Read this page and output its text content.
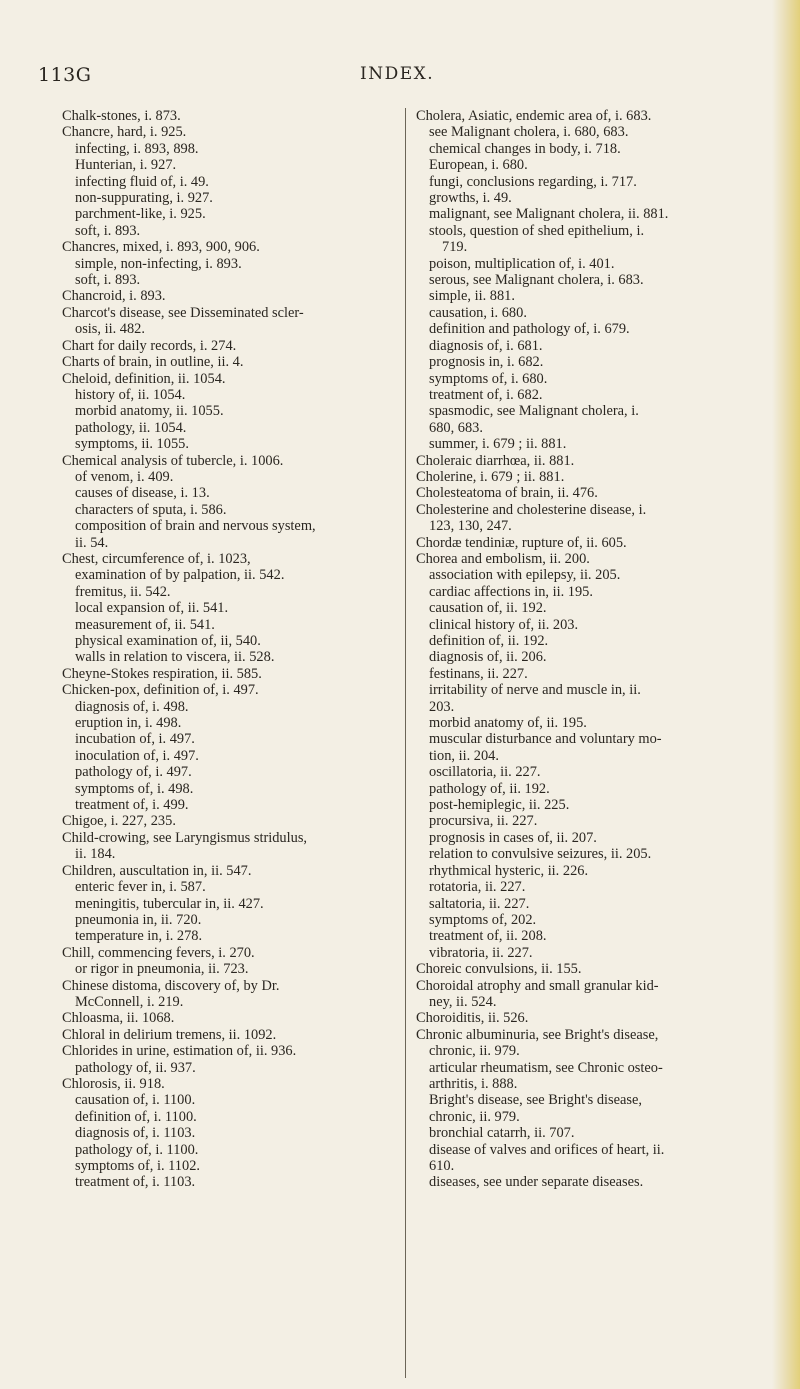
113G	INDEX.

Chalk-stones, i. 873.

Chancre, hard, i. 925.

infecting, i. 893, 898.

Hunterian, i. 927.

infecting fluid of, i. 49.

non-suppurating, i. 927.

parchment-like, i. 925.

soft, i. 893.

Chancres, mixed, i. 893, 900, 906.

simple, non-infecting, i. 893.

soft, i. 893.

Chancroid, i. 893.

Charcot's disease, see Disseminated scler-

osis, ii. 482.

Chart for daily records, i. 274.

Charts of brain, in outline, ii. 4.

Cheloid, definition, ii. 1054.

history of, ii. 1054.

morbid anatomy, ii. 1055.

pathology, ii. 1054.

symptoms, ii. 1055.

Chemical analysis of tubercle, i. 1006.

of venom, i. 409.

causes of disease, i. 13.

characters of sputa, i. 586.

composition of brain and nervous system,

ii. 54.

Chest, circumference of, i. 1023,

examination of by palpation, ii. 542.

fremitus, ii. 542.

local expansion of, ii. 541.

measurement of, ii. 541.

physical examination of, ii, 540.

walls in relation to viscera, ii. 528.

Cheyne-Stokes respiration, ii. 585.

Chicken-pox, definition of, i. 497.

diagnosis of, i. 498.

eruption in, i. 498.

incubation of, i. 497.

inoculation of, i. 497.

pathology of, i. 497.

symptoms of, i. 498.

treatment of, i. 499.

Chigoe, i. 227, 235.

Child-crowing, see Laryngismus stridulus,

ii. 184.

Children, auscultation in, ii. 547.

enteric fever in, i. 587.

meningitis, tubercular in, ii. 427.

pneumonia in, ii. 720.

temperature in, i. 278.

Chill, commencing fevers, i. 270.

or rigor in pneumonia, ii. 723.

Chinese distoma, discovery of, by Dr.

McConnell, i. 219.

Chloasma, ii. 1068.

Chloral in delirium tremens, ii. 1092.

Chlorides in urine, estimation of, ii. 936.

pathology of, ii. 937.

Chlorosis, ii. 918.

causation of, i. 1100.

definition of, i. 1100.

diagnosis of, i. 1103.

pathology of, i. 1100.

symptoms of, i. 1102.

treatment of, i. 1103.

Cholera, Asiatic, endemic area of, i. 683.

see Malignant cholera, i. 680, 683.

chemical changes in body, i. 718.

European, i. 680.

fungi, conclusions regarding, i. 717.

growths, i. 49.

malignant, see Malignant cholera, ii. 881.

stools, question of shed epithelium, i.

719.

poison, multiplication of, i. 401.

serous, see Malignant cholera, i. 683.

simple, ii. 881.

causation, i. 680.

definition and pathology of, i. 679.

diagnosis of, i. 681.

prognosis in, i. 682.

symptoms of, i. 680.

treatment of, i. 682.

spasmodic, see Malignant cholera, i.

680, 683.

summer, i. 679 ; ii. 881.

Choleraic diarrhœa, ii. 881.

Cholerine, i. 679 ; ii. 881.

Cholesteatoma of brain, ii. 476.

Cholesterine and cholesterine disease, i.

123, 130, 247.

Chordæ tendiniæ, rupture of, ii. 605.

Chorea and embolism, ii. 200.

association with epilepsy, ii. 205.

cardiac affections in, ii. 195.

causation of, ii. 192.

clinical history of, ii. 203.

definition of, ii. 192.

diagnosis of, ii. 206.

festinans, ii. 227.

irritability of nerve and muscle in, ii.

203.

morbid anatomy of, ii. 195.

muscular disturbance and voluntary mo-

tion, ii. 204.

oscillatoria, ii. 227.

pathology of, ii. 192.

post-hemiplegic, ii. 225.

procursiva, ii. 227.

prognosis in cases of, ii. 207.

relation to convulsive seizures, ii. 205.

rhythmical hysteric, ii. 226.

rotatoria, ii. 227.

saltatoria, ii. 227.

symptoms of, 202.

treatment of, ii. 208.

vibratoria, ii. 227.

Choreic convulsions, ii. 155.

Choroidal atrophy and small granular kid-

ney, ii. 524.

Choroiditis, ii. 526.

Chronic albuminuria, see Bright's disease,

chronic, ii. 979.

articular rheumatism, see Chronic osteo-

arthritis, i. 888.

Bright's disease, see Bright's disease,

chronic, ii. 979.

bronchial catarrh, ii. 707.

disease of valves and orifices of heart, ii.

610.

diseases, see under separate diseases.
